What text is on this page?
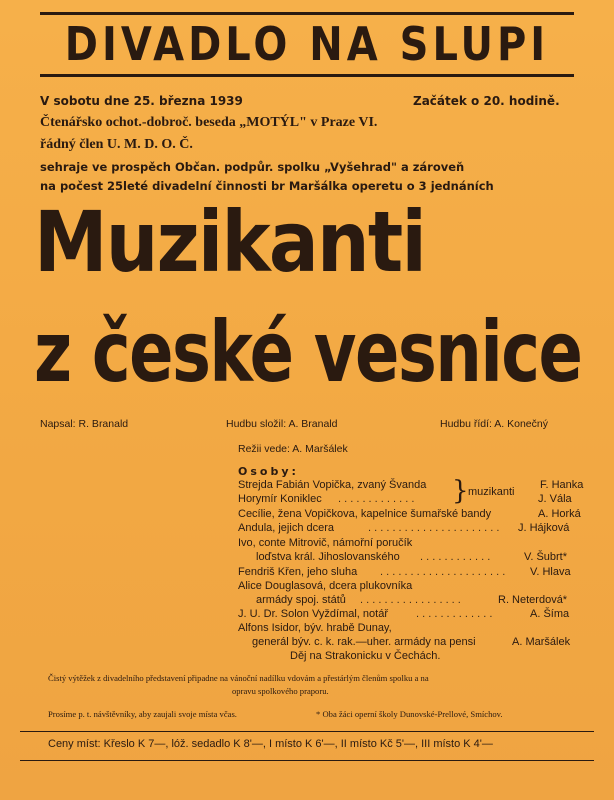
DIVADLO NA SLUPI
V sobotu dne 25. března 1939	Začátek o 20. hodině.
Čtenářsko ochot.-dobroč. beseda „MOTÝL" v Praze VI.
řádný člen U. M. D. O. Č.
sehraje ve prospěch Občan. podpůr. spolku „Vyšehrad" a zároveň
na počest 25leté divadelní činnosti br Maršálka operetu o 3 jednáních
Muzikanti
z české vesnice
Napsal: R. Branald	Hudbu složil: A. Branald	Hudbu řídí: A. Konečný
Režii vede: A. Maršálek
Osoby:
Strejda Fabián Vopička, zvaný Švanda	F. Hanka
Horymír Koniklec . . . . . . . . . . . . .	J. Vála
} muzikanti
Cecílie, žena Vopičkova, kapelnice šumařské bandy	A. Horká
Andula, jejich dcera	. . . . . . . . . . . . . . . . . . . . . . J. Hájková
Ivo, conte Mitrovič, námořní poručík
loďstva král. Jihoslovanského . . . . . . . . . . . .	V. Šubrt*
Fendriš Křen, jeho sluha . . . . . . . . . . . . . . . . . . . . . V. Hlava
Alice Douglasová, dcera plukovníka
armády spoj. států . . . . . . . . . . . . . . . . .	R. Neterdová*
J. U. Dr. Solon Vyždímal, notář	. . . . . . . . . . . . .	A. Šíma
Alfons Isidor, býv. hrabě Dunay,
generál býv. c. k. rak.—uher. armády na pensi	A. Maršálek
Děj na Strakonicku v Čechách.
Čistý výtěžek z divadelního představení připadne na vánoční nadílku vdovám a přestárlým členům spolku a na
opravu spolkového praporu.
Prosíme p. t. návštěvníky, aby zaujali svoje místa včas.	* Oba žáci operní školy Dunovské-Prellové, Smíchov.
Ceny míst: Křeslo K 7—, lóž. sedadlo K 8'—, I místo K 6'—, II místo Kč 5'—, III místo K 4'—
